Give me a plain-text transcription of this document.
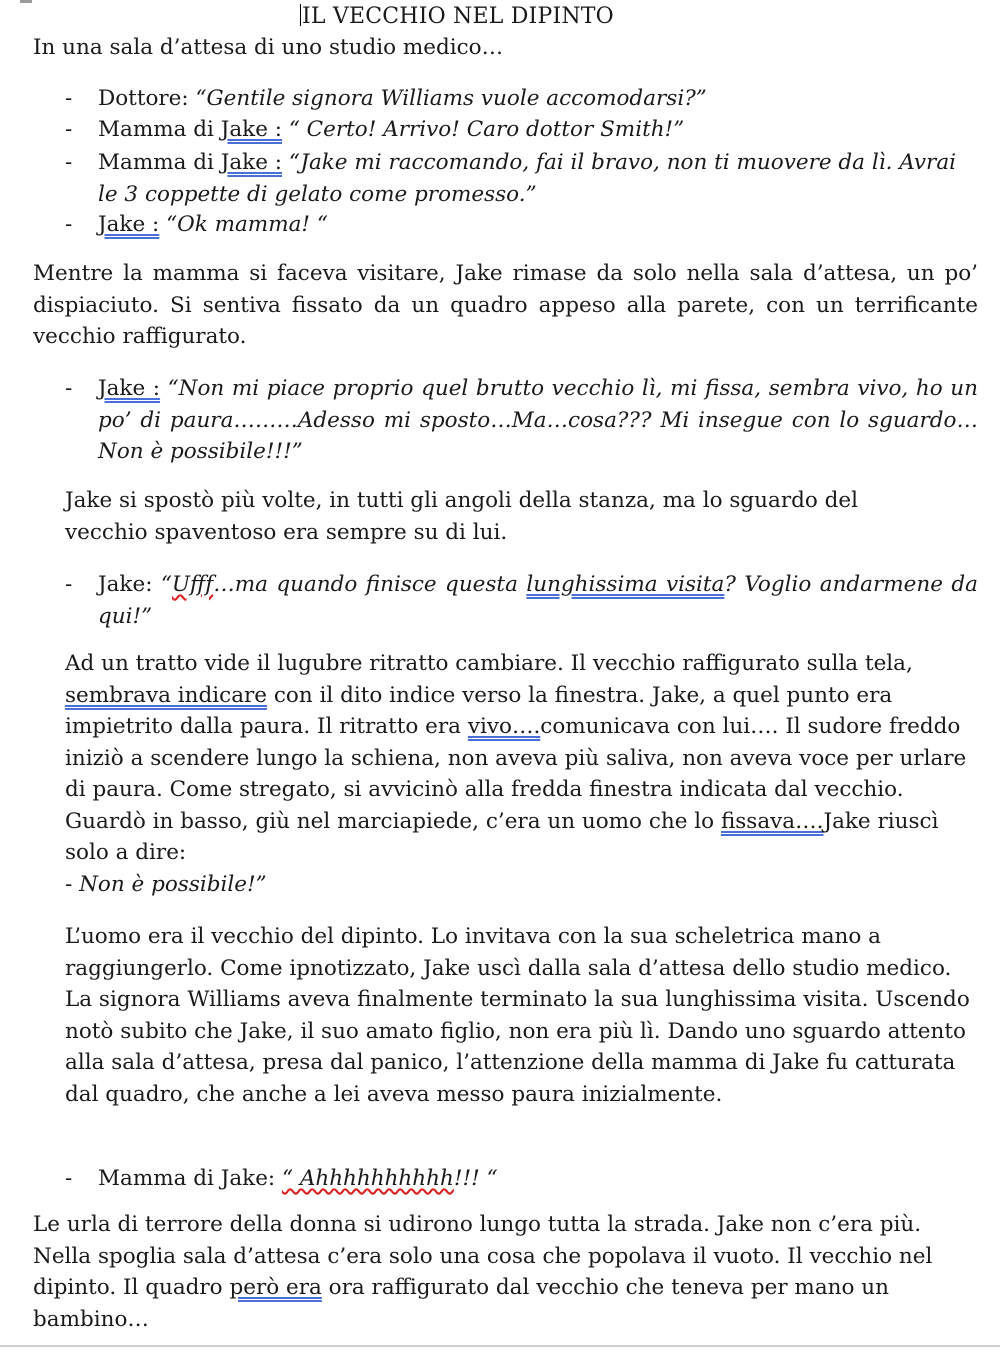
IL VECCHIO NEL DIPINTO

In una sala d’attesa di uno studio medico…

- Dottore: “Gentile signora Williams vuole accomodarsi?”
- Mamma di Jake : “ Certo! Arrivo! Caro dottor Smith!”
- Mamma di Jake : “Jake mi raccomando, fai il bravo, non ti muovere da lì. Avrai le 3 coppette di gelato come promesso.”
- Jake : “Ok mamma! “

Mentre la mamma si faceva visitare, Jake rimase da solo nella sala d’attesa, un po’ dispiaciuto. Si sentiva fissato da un quadro appeso alla parete, con un terrificante vecchio raffigurato.

- Jake : “Non mi piace proprio quel brutto vecchio lì, mi fissa, sembra vivo, ho un po’ di paura………Adesso mi sposto…Ma…cosa??? Mi insegue con lo sguardo…Non è possibile!!!”

Jake si spostò più volte, in tutti gli angoli della stanza, ma lo sguardo del vecchio spaventoso era sempre su di lui.

- Jake: “Ufff…ma quando finisce questa lunghissima visita? Voglio andarmene da qui!”

Ad un tratto vide il lugubre ritratto cambiare. Il vecchio raffigurato sulla tela, sembrava indicare con il dito indice verso la finestra. Jake, a quel punto era impietrito dalla paura. Il ritratto era vivo….comunicava con lui…. Il sudore freddo iniziò a scendere lungo la schiena, non aveva più saliva, non aveva voce per urlare di paura. Come stregato, si avvicinò alla fredda finestra indicata dal vecchio. Guardò in basso, giù nel marciapiede, c’era un uomo che lo fissava….Jake riuscì solo a dire:
- Non è possibile!”

L’uomo era il vecchio del dipinto. Lo invitava con la sua scheletrica mano a raggiungerlo. Come ipnotizzato, Jake uscì dalla sala d’attesa dello studio medico. La signora Williams aveva finalmente terminato la sua lunghissima visita. Uscendo notò subito che Jake, il suo amato figlio, non era più lì. Dando uno sguardo attento alla sala d’attesa, presa dal panico, l’attenzione della mamma di Jake fu catturata dal quadro, che anche a lei aveva messo paura inizialmente.

- Mamma di Jake: “ Ahhhhhhhhhh!!! “

Le urla di terrore della donna si udirono lungo tutta la strada. Jake non c’era più. Nella spoglia sala d’attesa c’era solo una cosa che popolava il vuoto. Il vecchio nel dipinto. Il quadro però era ora raffigurato dal vecchio che teneva per mano un bambino…
